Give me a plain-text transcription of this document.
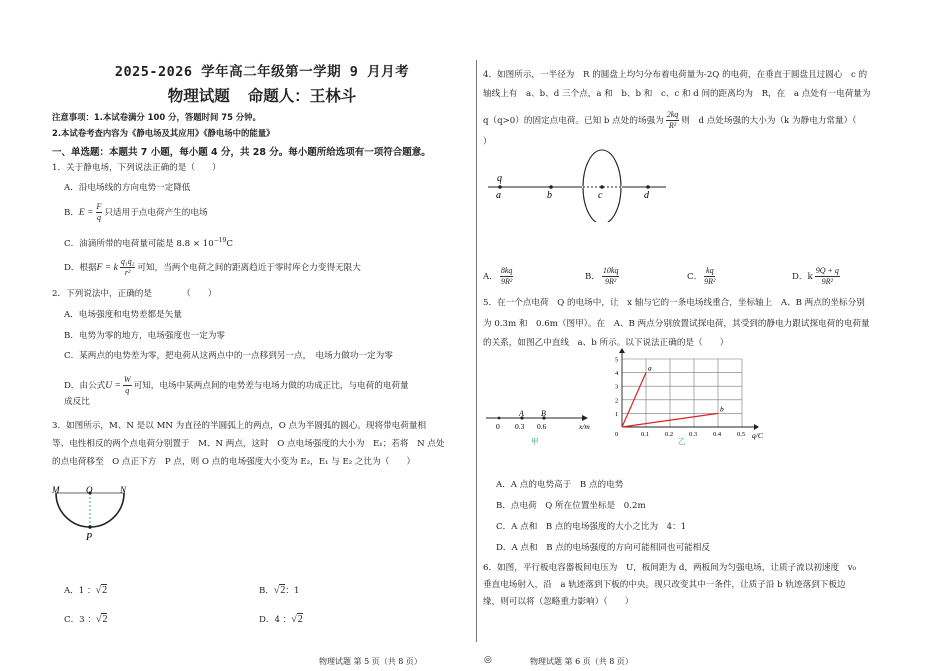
2025-2026 学年高二年级第一学期 9 月月考
物理试题 命题人：王林斗
注意事项：1.本试卷满分 100 分，答题时间 75 分钟。
2.本试卷考查内容为《静电场及其应用》《静电场中的能量》
一、单选题：本题共 7 小题，每小题 4 分，共 28 分。每小题所给选项有一项符合题意。
1．关于静电场，下列说法正确的是（　　）
A．沿电场线的方向电势一定降低
B．$E = \frac{F}{q}$ 只适用于点电荷产生的电场
C．油滴所带的电荷量可能是 $8.8 \times 10^{-19}C$
D．根据F = k $\frac{\text{q₁q₂}}{\text{r²}}$ 可知，当两个电荷之间的距离趋近于零时库仑力变得无限大
2．下列说法中，正确的是　　　　（　　）
A．电场强度和电势差都是矢量
B．电势为零的地方，电场强度也一定为零
C．某两点的电势差为零，把电荷从这两点中的一点移到另一点，　电场力做功一定为零
D．由公式$U = \frac{W}{q}$ 可知，电场中某两点间的电势差与电场力做的功成正比，与电荷的电荷量
成反比
3．如图所示，M、N 是以 MN 为直径的半圆弧上的两点，O 点为半圆弧的圆心。现将带电荷量相
等、电性相反的两个点电荷分别置于　M、N 两点，这时　O 点电场强度的大小为　E₁；若将　N 点处
的点电荷移至　O 点正下方　P 点，则 O 点的电场强度大小变为 E₂，E₁ 与 E₂ 之比为（　　）
M	O	N
P
A．1 ：√2	B．√2：1
C．3 ：√2	D．4 ：√2
4．如图所示，一半径为　R 的圆盘上均匀分布着电荷量为-2Q 的电荷，在垂直于圆盘且过圆心　c 的
轴线上有　a、b、d 三个点，a 和　b、b 和　c、c 和 d 间的距离均为　R，在　a 点处有一电荷量为
q（q>0）的固定点电荷。已知 b 点处的场强为 $\frac{2kq}{\text{R²}}$ 则　d 点处场强的大小为（k 为静电力常量）（
）
q
a	b	c	d
A． $\frac{8kq}{\text{9R²}}$	B． $\frac{10kq}{\text{9R²}}$	C． $\frac{kq}{\text{9R²}}$	D．k $\frac{9Q + q}{\text{9R²}}$
5．在一个点电荷　Q 的电场中，让　x 轴与它的一条电场线重合，坐标轴上　A、B 两点的坐标分别
为 0.3m 和　0.6m（图甲）。在　A、B 两点分别放置试探电荷，其受到的静电力跟试探电荷的电荷量
的关系，如图乙中直线　a、b 所示。以下说法正确的是（　　）
A B
0 0.3 0.6	x/m
甲
a
b
0.1 0.2 0.3 0.4 0.5
1
2
3
4
5
0	q/C
乙
A．A 点的电势高于　B 点的电势
B．点电荷　Q 所在位置坐标是　0.2m
C．A 点和　B 点的电场强度的大小之比为　4：1
D．A 点和　B 点的电场强度的方向可能相同也可能相反
6．如图，平行板电容器板间电压为　U，板间距为 d，两板间为匀强电场，让质子流以初速度　v₀
垂直电场射入，沿　a 轨迹落到下板的中央。现只改变其中一条件，让质子沿 b 轨迹落到下板边
缘，则可以将（忽略重力影响）（　　）
物理试题 第 5 页（共 8 页）	◎	物理试题 第 6 页（共 8 页）
